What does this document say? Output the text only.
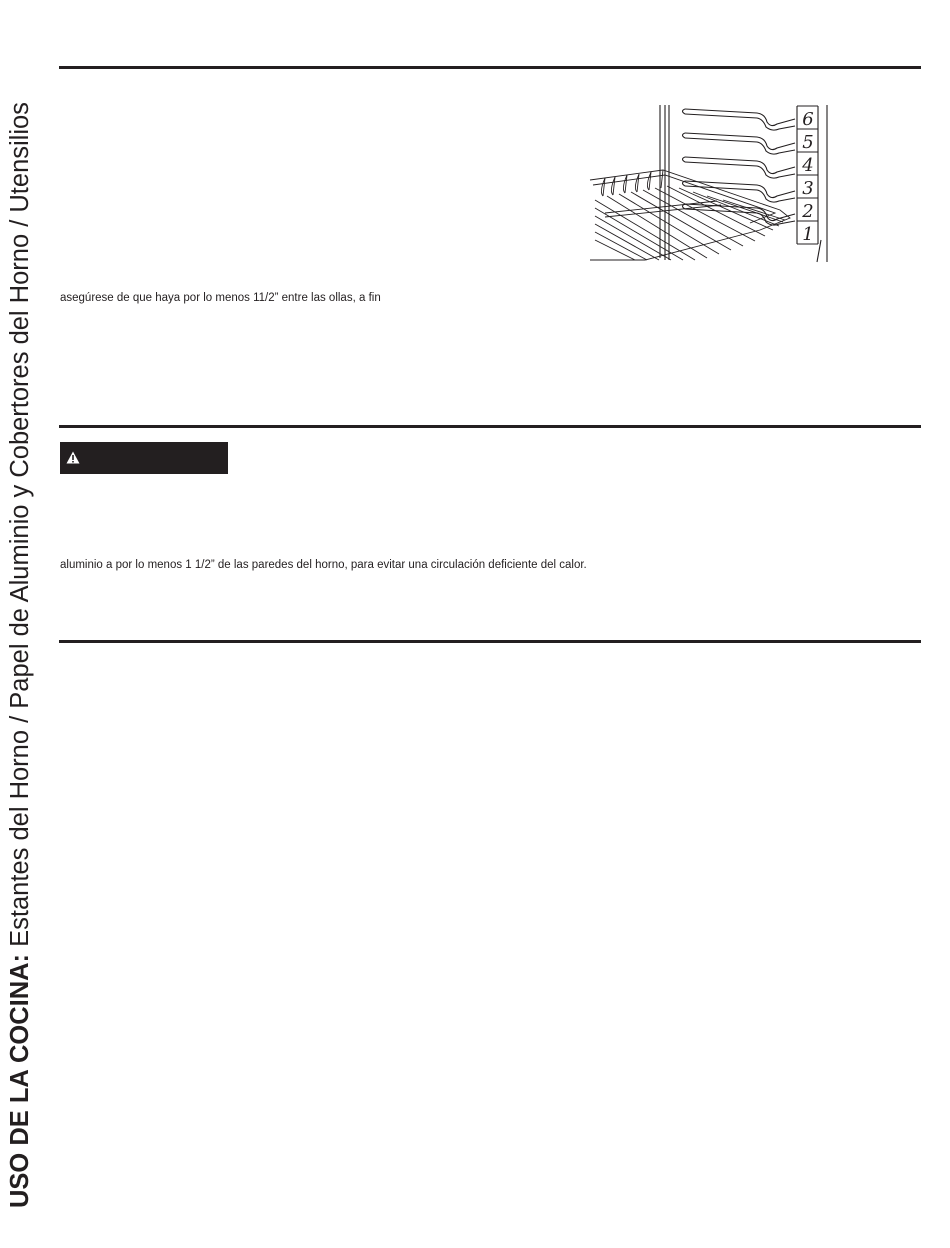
USO DE LA COCINA: Estantes del Horno / Papel de Aluminio y Cobertores del Horno / Utensilios	6
5
4
3
2
1
asegúrese de que haya por lo menos 11/2” entre las ollas, a fin
aluminio a por lo menos 1 1/2” de las paredes del horno, para evitar una circulación deficiente del calor.
